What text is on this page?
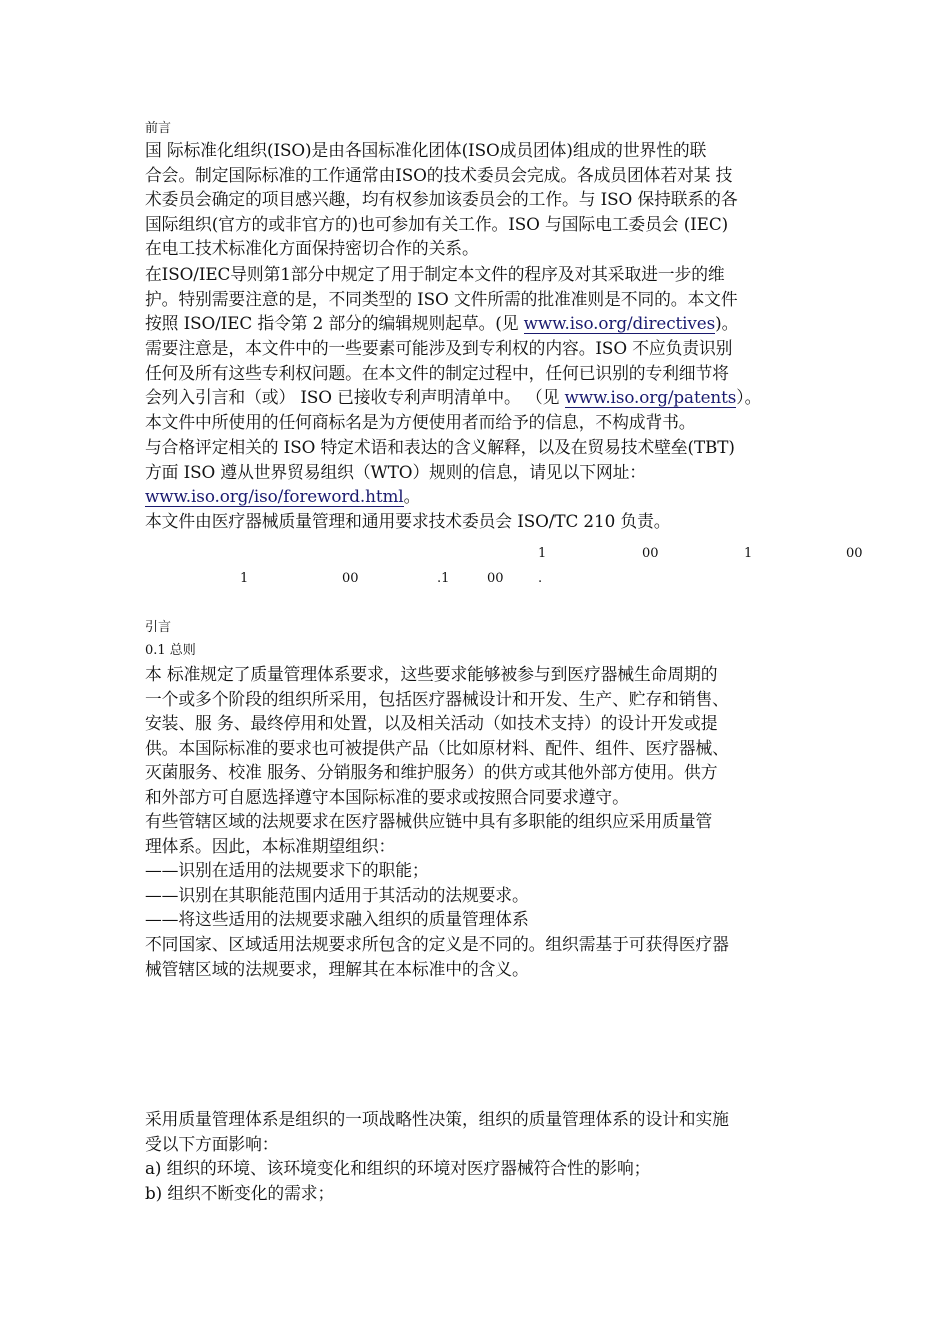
前言
国 际标准化组织(ISO)是由各国标准化团体(ISO成员团体)组成的世界性的联
合会。制定国际标准的工作通常由ISO的技术委员会完成。各成员团体若对某 技
术委员会确定的项目感兴趣，均有权参加该委员会的工作。与 ISO 保持联系的各
国际组织(官方的或非官方的)也可参加有关工作。ISO 与国际电工委员会 (IEC)
在电工技术标准化方面保持密切合作的关系。
在ISO/IEC导则第1部分中规定了用于制定本文件的程序及对其采取进一步的维
护。特别需要注意的是，不同类型的 ISO 文件所需的批准准则是不同的。本文件
按照 ISO/IEC 指令第 2 部分的编辑规则起草。(见 www.iso.org/directives)。
需要注意是，本文件中的一些要素可能涉及到专利权的内容。ISO 不应负责识别
任何及所有这些专利权问题。在本文件的制定过程中，任何已识别的专利细节将
会列入引言和（或） ISO 已接收专利声明清单中。 （见 www.iso.org/patents）。
本文件中所使用的任何商标名是为方便使用者而给予的信息，不构成背书。
与合格评定相关的 ISO 特定术语和表达的含义解释，以及在贸易技术壁垒(TBT)
方面 ISO 遵从世界贸易组织（WTO）规则的信息，请见以下网址：
www.iso.org/iso/foreword.html。
本文件由医疗器械质量管理和通用要求技术委员会 ISO/TC 210 负责。
1	00	1	00
1	00	.1	00	.
引言
0.1 总则
本 标准规定了质量管理体系要求，这些要求能够被参与到医疗器械生命周期的
一个或多个阶段的组织所采用，包括医疗器械设计和开发、生产、贮存和销售、
安装、服 务、最终停用和处置，以及相关活动（如技术支持）的设计开发或提
供。本国际标准的要求也可被提供产品（比如原材料、配件、组件、医疗器械、
灭菌服务、校准 服务、分销服务和维护服务）的供方或其他外部方使用。供方
和外部方可自愿选择遵守本国际标准的要求或按照合同要求遵守。
有些管辖区域的法规要求在医疗器械供应链中具有多职能的组织应采用质量管
理体系。因此，本标准期望组织：
——识别在适用的法规要求下的职能；
——识别在其职能范围内适用于其活动的法规要求。
——将这些适用的法规要求融入组织的质量管理体系
不同国家、区域适用法规要求所包含的定义是不同的。组织需基于可获得医疗器
械管辖区域的法规要求，理解其在本标准中的含义。
采用质量管理体系是组织的一项战略性决策，组织的质量管理体系的设计和实施
受以下方面影响：
a) 组织的环境、该环境变化和组织的环境对医疗器械符合性的影响；
b) 组织不断变化的需求；
